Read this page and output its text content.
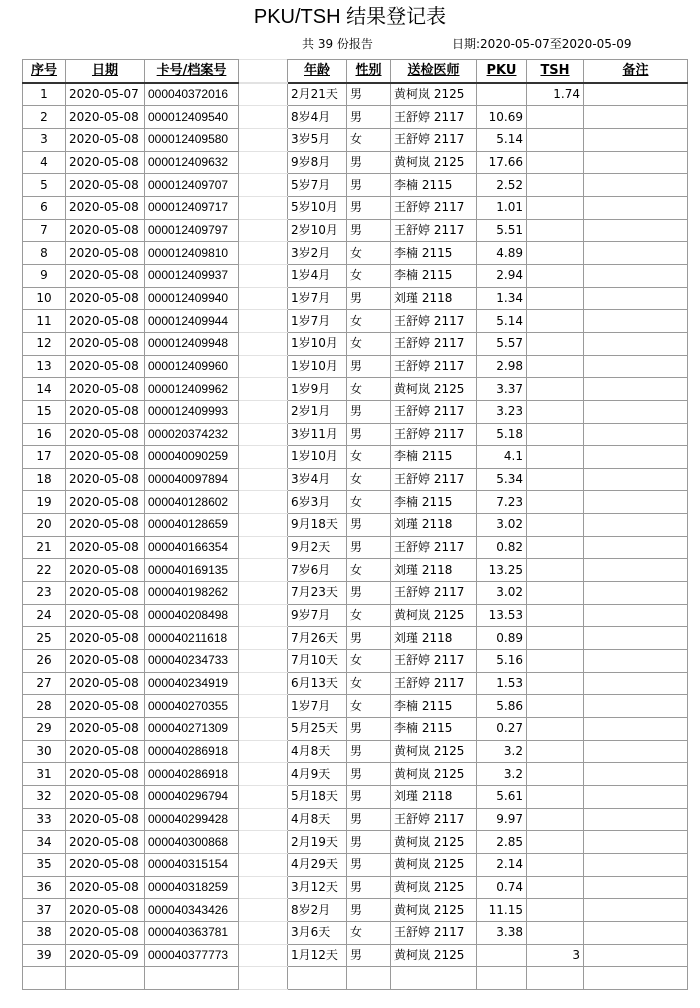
PKU/TSH 结果登记表
共 39 份报告	日期:2020-05-07至2020-05-09
序号	日期	卡号/档案号		年龄	性别	送检医师	PKU	TSH	备注
1	2020-05-07	000040372016		2月21天	男	黄柯岚 2125		1.74	
2	2020-05-08	000012409540		8岁4月	男	王舒婷 2117	10.69		
3	2020-05-08	000012409580		3岁5月	女	王舒婷 2117	5.14		
4	2020-05-08	000012409632		9岁8月	男	黄柯岚 2125	17.66		
5	2020-05-08	000012409707		5岁7月	男	李楠 2115	2.52		
6	2020-05-08	000012409717		5岁10月	男	王舒婷 2117	1.01		
7	2020-05-08	000012409797		2岁10月	男	王舒婷 2117	5.51		
8	2020-05-08	000012409810		3岁2月	女	李楠 2115	4.89		
9	2020-05-08	000012409937		1岁4月	女	李楠 2115	2.94		
10	2020-05-08	000012409940		1岁7月	男	刘瑾 2118	1.34		
11	2020-05-08	000012409944		1岁7月	女	王舒婷 2117	5.14		
12	2020-05-08	000012409948		1岁10月	女	王舒婷 2117	5.57		
13	2020-05-08	000012409960		1岁10月	男	王舒婷 2117	2.98		
14	2020-05-08	000012409962		1岁9月	女	黄柯岚 2125	3.37		
15	2020-05-08	000012409993		2岁1月	男	王舒婷 2117	3.23		
16	2020-05-08	000020374232		3岁11月	男	王舒婷 2117	5.18		
17	2020-05-08	000040090259		1岁10月	女	李楠 2115	4.1		
18	2020-05-08	000040097894		3岁4月	女	王舒婷 2117	5.34		
19	2020-05-08	000040128602		6岁3月	女	李楠 2115	7.23		
20	2020-05-08	000040128659		9月18天	男	刘瑾 2118	3.02		
21	2020-05-08	000040166354		9月2天	男	王舒婷 2117	0.82		
22	2020-05-08	000040169135		7岁6月	女	刘瑾 2118	13.25		
23	2020-05-08	000040198262		7月23天	男	王舒婷 2117	3.02		
24	2020-05-08	000040208498		9岁7月	女	黄柯岚 2125	13.53		
25	2020-05-08	000040211618		7月26天	男	刘瑾 2118	0.89		
26	2020-05-08	000040234733		7月10天	女	王舒婷 2117	5.16		
27	2020-05-08	000040234919		6月13天	女	王舒婷 2117	1.53		
28	2020-05-08	000040270355		1岁7月	女	李楠 2115	5.86		
29	2020-05-08	000040271309		5月25天	男	李楠 2115	0.27		
30	2020-05-08	000040286918		4月8天	男	黄柯岚 2125	3.2		
31	2020-05-08	000040286918		4月9天	男	黄柯岚 2125	3.2		
32	2020-05-08	000040296794		5月18天	男	刘瑾 2118	5.61		
33	2020-05-08	000040299428		4月8天	男	王舒婷 2117	9.97		
34	2020-05-08	000040300868		2月19天	男	黄柯岚 2125	2.85		
35	2020-05-08	000040315154		4月29天	男	黄柯岚 2125	2.14		
36	2020-05-08	000040318259		3月12天	男	黄柯岚 2125	0.74		
37	2020-05-08	000040343426		8岁2月	男	黄柯岚 2125	11.15		
38	2020-05-08	000040363781		3月6天	女	王舒婷 2117	3.38		
39	2020-05-09	000040377773		1月12天	男	黄柯岚 2125		3	
